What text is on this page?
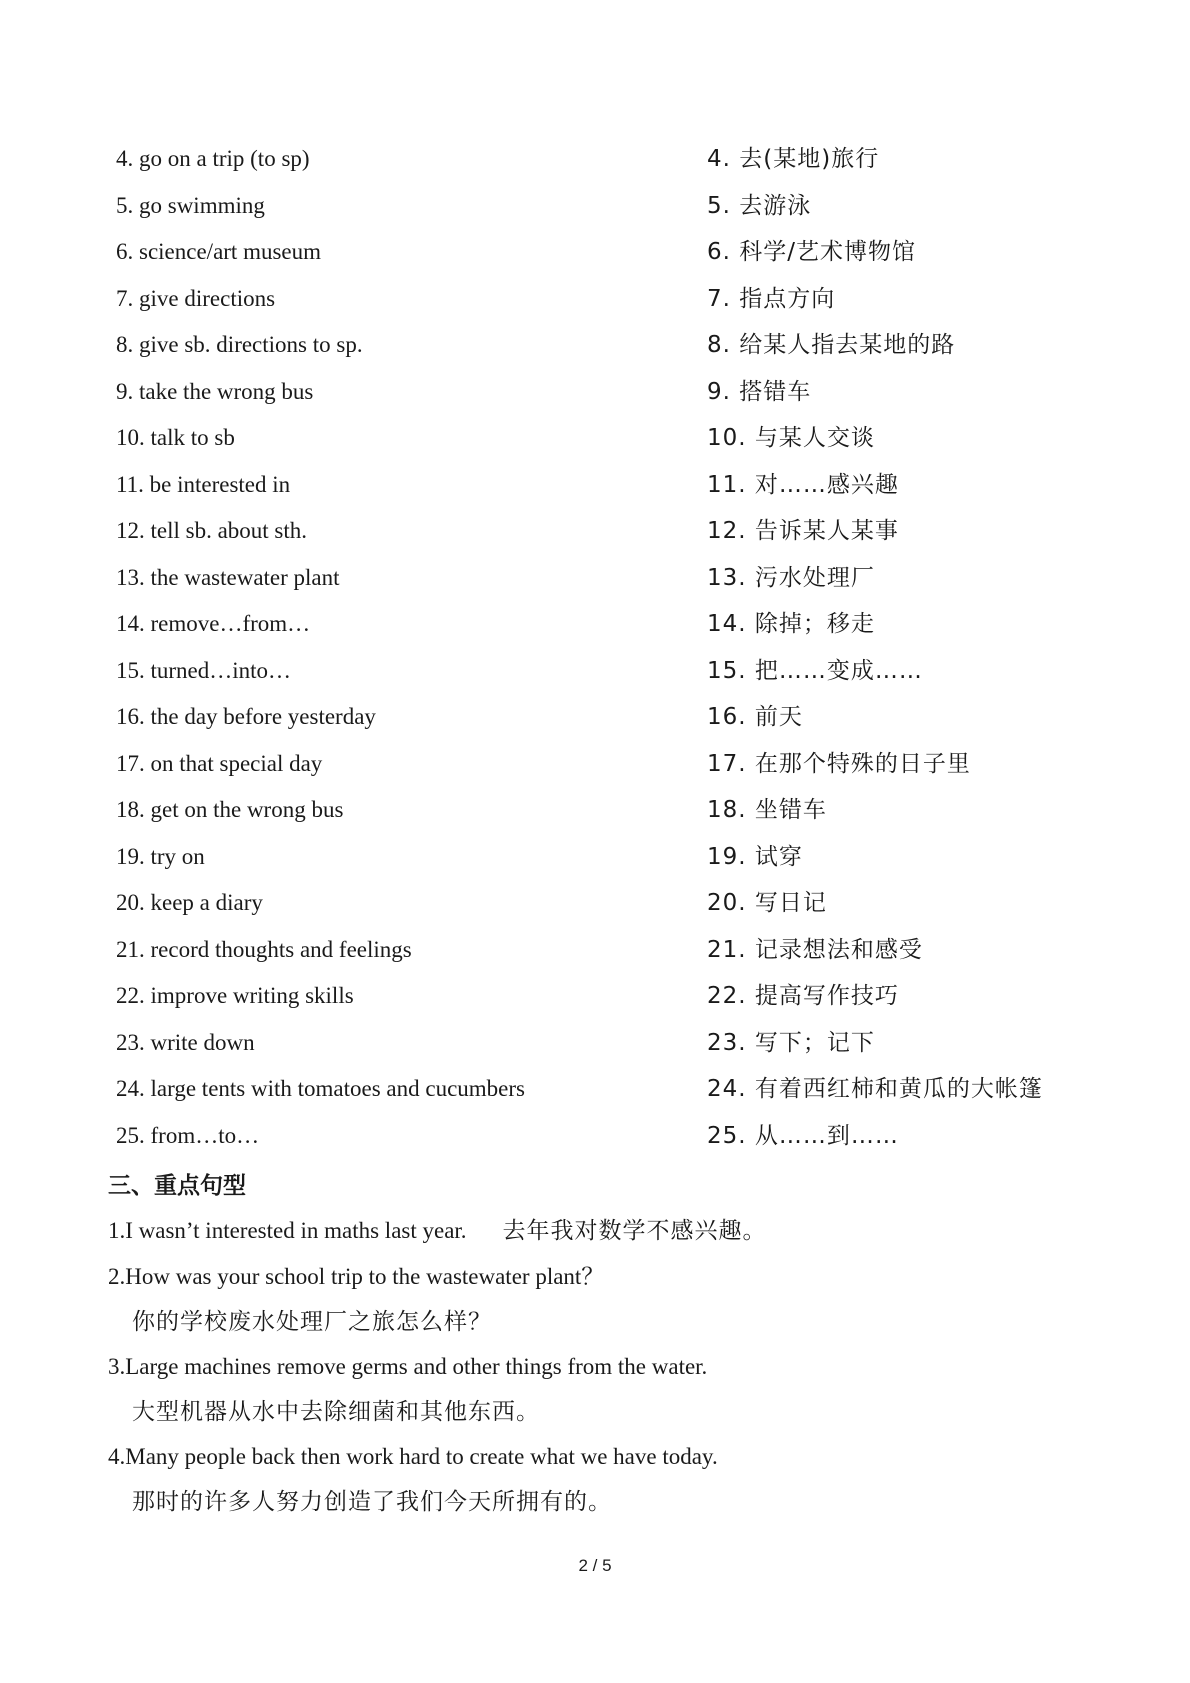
4. go on a trip (to sp)	4. 去(某地)旅行
5. go swimming	5. 去游泳
6. science/art museum	6. 科学/艺术博物馆
7. give directions	7. 指点方向
8. give sb. directions to sp.	8. 给某人指去某地的路
9. take the wrong bus	9. 搭错车
10. talk to sb	10. 与某人交谈
11. be interested in	11. 对……感兴趣
12. tell sb. about sth.	12. 告诉某人某事
13. the wastewater plant	13. 污水处理厂
14. remove…from…	14. 除掉；移走
15. turned…into…	15. 把……变成……
16. the day before yesterday	16. 前天
17. on that special day	17. 在那个特殊的日子里
18. get on the wrong bus	18. 坐错车
19. try on	19. 试穿
20. keep a diary	20. 写日记
21. record thoughts and feelings	21. 记录想法和感受
22. improve writing skills	22. 提高写作技巧
23. write down	23. 写下；记下
24. large tents with tomatoes and cucumbers	24. 有着西红柿和黄瓜的大帐篷
25. from…to…	25. 从……到……
三、重点句型
1.I wasn’t interested in maths last year. 去年我对数学不感兴趣。
2.How was your school trip to the wastewater plant？
你的学校废水处理厂之旅怎么样？
3.Large machines remove germs and other things from the water.
大型机器从水中去除细菌和其他东西。
4.Many people back then work hard to create what we have today.
那时的许多人努力创造了我们今天所拥有的。
2 / 5
